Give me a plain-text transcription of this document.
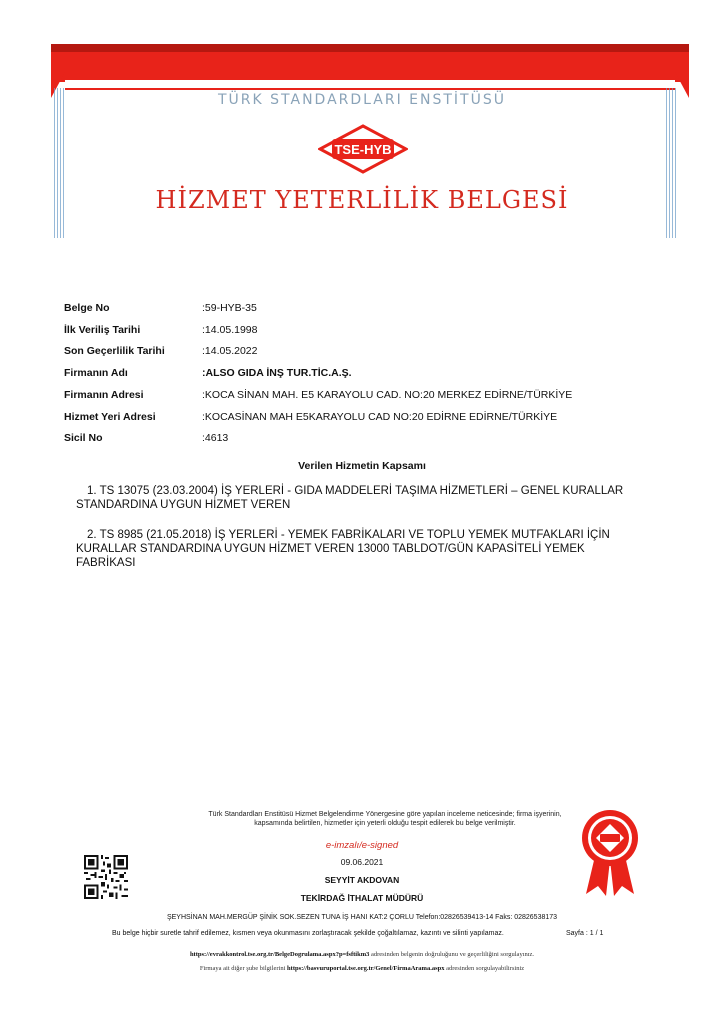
TÜRK STANDARDLARI ENSTİTÜSÜ
TSE-HYB
HİZMET YETERLİLİK BELGESİ
Belge No	:59-HYB-35
İlk Veriliş Tarihi	:14.05.1998
Son Geçerlilik Tarihi	:14.05.2022
Firmanın Adı	:ALSO GIDA İNŞ TUR.TİC.A.Ş.
Firmanın Adresi	:KOCA SİNAN MAH. E5 KARAYOLU CAD. NO:20 MERKEZ EDİRNE/TÜRKİYE
Hizmet Yeri Adresi	:KOCASİNAN MAH E5KARAYOLU CAD NO:20 EDİRNE EDİRNE/TÜRKİYE
Sicil No	:4613
Verilen Hizmetin Kapsamı
1. TS 13075 (23.03.2004) İŞ YERLERİ - GIDA MADDELERİ TAŞIMA HİZMETLERİ – GENEL KURALLAR STANDARDINA UYGUN HİZMET VEREN
2. TS 8985 (21.05.2018) İŞ YERLERİ - YEMEK FABRİKALARI VE TOPLU YEMEK MUTFAKLARI İÇİN KURALLAR STANDARDINA UYGUN HİZMET VEREN 13000 TABLDOT/GÜN KAPASİTELİ YEMEK FABRİKASI
Türk Standardları Enstitüsü Hizmet Belgelendirme Yönergesine göre yapılan inceleme neticesinde; firma işyerinin, kapsamında belirtilen, hizmetler için yeterli olduğu tespit edilerek bu belge verilmiştir.
e-imzalı/e-signed
09.06.2021
SEYYİT AKDOVAN
TEKİRDAĞ İTHALAT MÜDÜRÜ
ŞEYHSİNAN MAH.MERGÜP ŞİNİK SOK.SEZEN TUNA İŞ HANI KAT:2 ÇORLU Telefon:02826539413-14 Faks: 02826538173
Bu belge hiçbir suretle tahrif edilemez, kısmen veya okunmasını zorlaştıracak şekilde çoğaltılamaz, kazıntı ve silinti yapılamaz.	Sayfa : 1 / 1
https://evrakkontrol.tse.org.tr/BelgeDogrulama.aspx?p=fsftikm3 adresinden belgenin doğruluğunu ve geçerliliğini sorgulayınız.
Firmaya ait diğer şube bilgilerini https://basvuruportal.tse.org.tr/Genel/FirmaArama.aspx adresinden sorgulayabilirsiniz
